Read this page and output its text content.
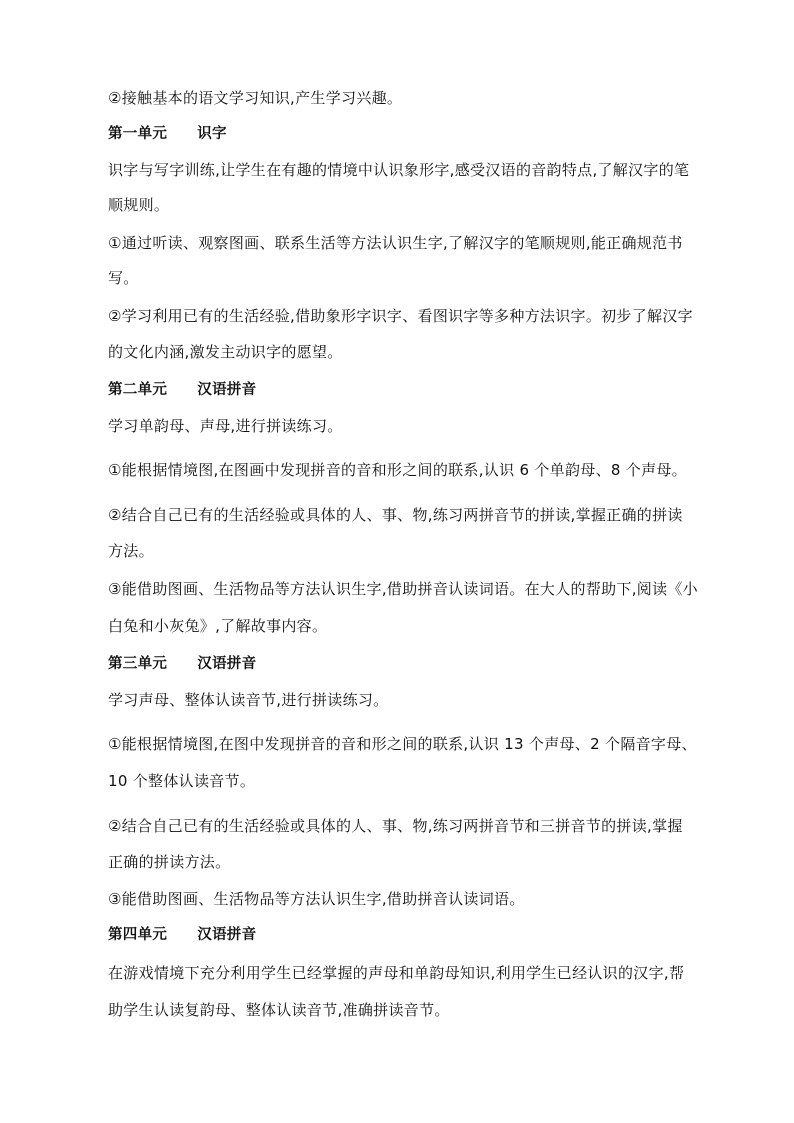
②接触基本的语文学习知识,产生学习兴趣。
第一单元 识字
识字与写字训练,让学生在有趣的情境中认识象形字,感受汉语的音韵特点,了解汉字的笔
顺规则。
①通过听读、观察图画、联系生活等方法认识生字,了解汉字的笔顺规则,能正确规范书
写。
②学习利用已有的生活经验,借助象形字识字、看图识字等多种方法识字。初步了解汉字
的文化内涵,激发主动识字的愿望。
第二单元 汉语拼音
学习单韵母、声母,进行拼读练习。
①能根据情境图,在图画中发现拼音的音和形之间的联系,认识 6 个单韵母、8 个声母。
②结合自己已有的生活经验或具体的人、事、物,练习两拼音节的拼读,掌握正确的拼读
方法。
③能借助图画、生活物品等方法认识生字,借助拼音认读词语。在大人的帮助下,阅读《小
白兔和小灰兔》,了解故事内容。
第三单元 汉语拼音
学习声母、整体认读音节,进行拼读练习。
①能根据情境图,在图中发现拼音的音和形之间的联系,认识 13 个声母、2 个隔音字母、
10 个整体认读音节。
②结合自己已有的生活经验或具体的人、事、物,练习两拼音节和三拼音节的拼读,掌握
正确的拼读方法。
③能借助图画、生活物品等方法认识生字,借助拼音认读词语。
第四单元 汉语拼音
在游戏情境下充分利用学生已经掌握的声母和单韵母知识,利用学生已经认识的汉字,帮
助学生认读复韵母、整体认读音节,准确拼读音节。
